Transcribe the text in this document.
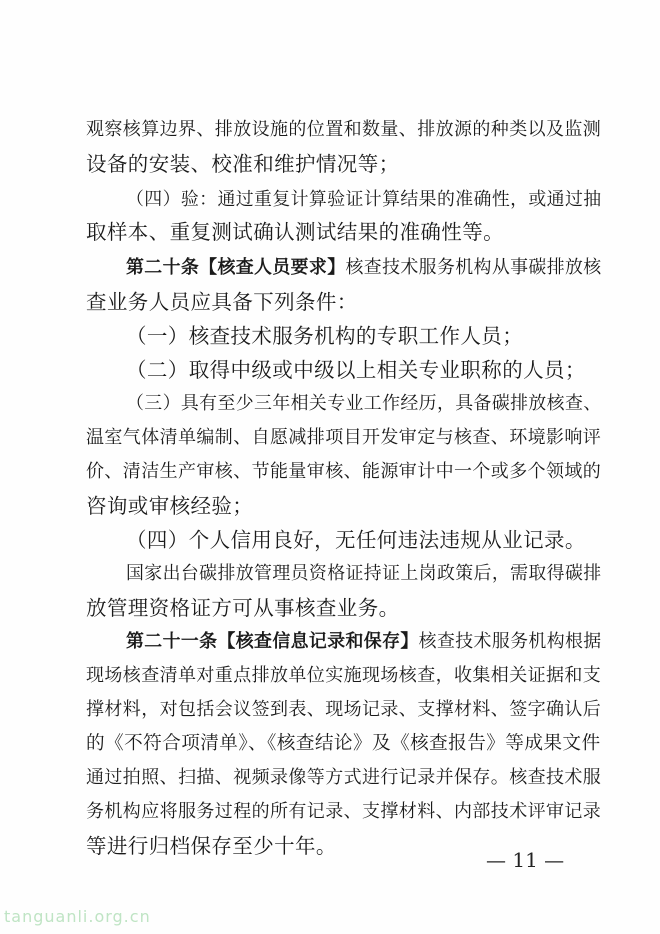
观察核算边界、排放设施的位置和数量、排放源的种类以及监测
设备的安装、校准和维护情况等；
（四）验：通过重复计算验证计算结果的准确性，或通过抽
取样本、重复测试确认测试结果的准确性等。
第二十条【核查人员要求】核查技术服务机构从事碳排放核
查业务人员应具备下列条件：
（一）核查技术服务机构的专职工作人员；
（二）取得中级或中级以上相关专业职称的人员；
（三）具有至少三年相关专业工作经历，具备碳排放核查、
温室气体清单编制、自愿减排项目开发审定与核查、环境影响评
价、清洁生产审核、节能量审核、能源审计中一个或多个领域的
咨询或审核经验；
（四）个人信用良好，无任何违法违规从业记录。
国家出台碳排放管理员资格证持证上岗政策后，需取得碳排
放管理资格证方可从事核查业务。
第二十一条【核查信息记录和保存】核查技术服务机构根据
现场核查清单对重点排放单位实施现场核查，收集相关证据和支
撑材料，对包括会议签到表、现场记录、支撑材料、签字确认后
的《不符合项清单》、《核查结论》及《核查报告》等成果文件
通过拍照、扫描、视频录像等方式进行记录并保存。核查技术服
务机构应将服务过程的所有记录、支撑材料、内部技术评审记录
等进行归档保存至少十年。
— 11 —
tanguanli.org.cn
